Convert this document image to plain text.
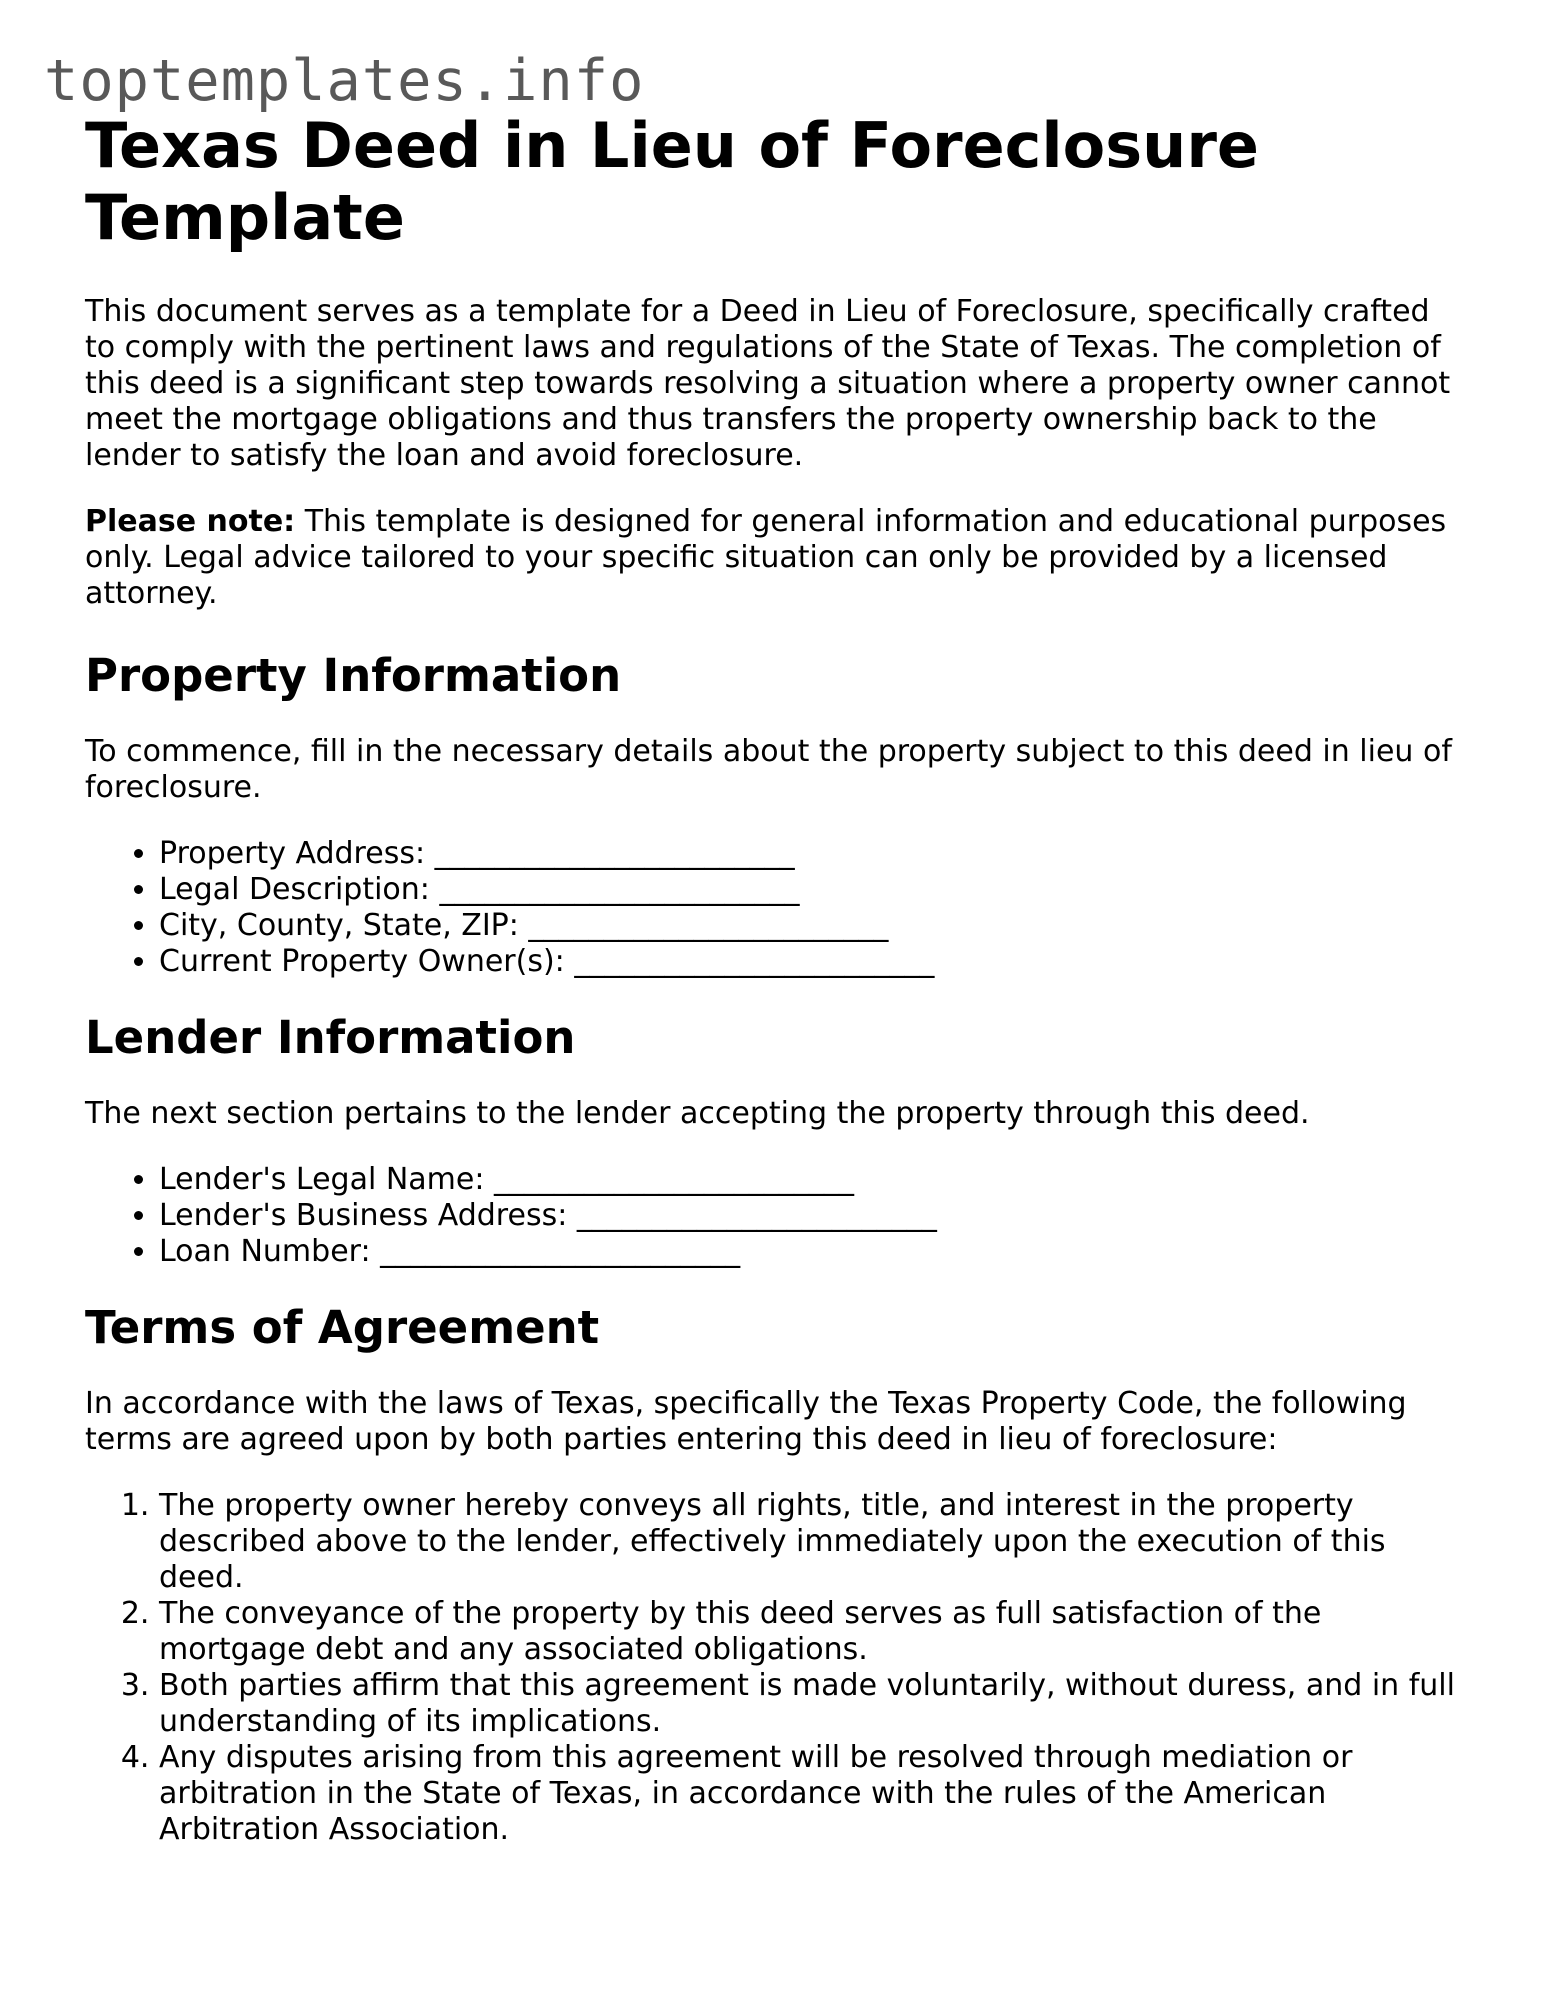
toptemplates.info
Texas Deed in Lieu of Foreclosure Template

This document serves as a template for a Deed in Lieu of Foreclosure, specifically crafted to comply with the pertinent laws and regulations of the State of Texas. The completion of this deed is a significant step towards resolving a situation where a property owner cannot meet the mortgage obligations and thus transfers the property ownership back to the lender to satisfy the loan and avoid foreclosure.

Please note: This template is designed for general information and educational purposes only. Legal advice tailored to your specific situation can only be provided by a licensed attorney.

Property Information

To commence, fill in the necessary details about the property subject to this deed in lieu of foreclosure.

• Property Address: ________________________
• Legal Description: ________________________
• City, County, State, ZIP: ________________________
• Current Property Owner(s): ________________________
Lender Information

The next section pertains to the lender accepting the property through this deed.

• Lender's Legal Name: ________________________
• Lender's Business Address: ________________________
• Loan Number: ________________________
Terms of Agreement

In accordance with the laws of Texas, specifically the Texas Property Code, the following terms are agreed upon by both parties entering this deed in lieu of foreclosure:

1. The property owner hereby conveys all rights, title, and interest in the property described above to the lender, effectively immediately upon the execution of this deed.
2. The conveyance of the property by this deed serves as full satisfaction of the mortgage debt and any associated obligations.
3. Both parties affirm that this agreement is made voluntarily, without duress, and in full understanding of its implications.
4. Any disputes arising from this agreement will be resolved through mediation or arbitration in the State of Texas, in accordance with the rules of the American Arbitration Association.
